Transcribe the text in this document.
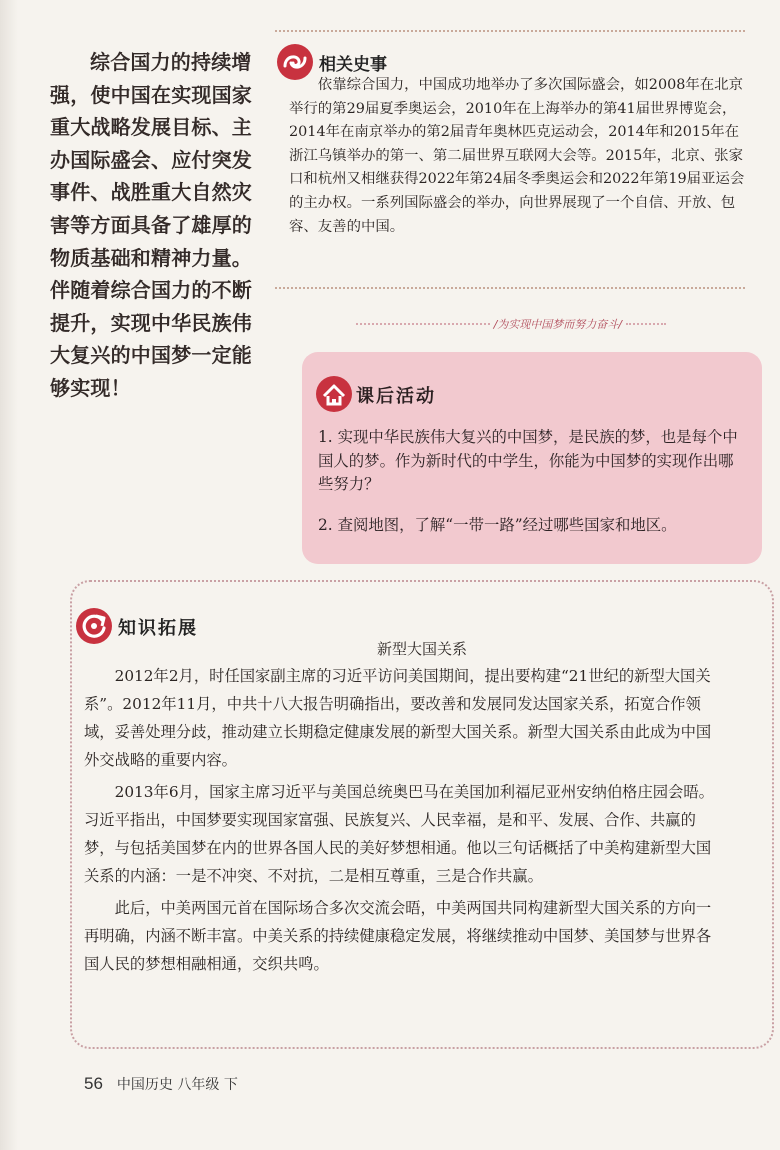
综合国力的持续增强，使中国在实现国家重大战略发展目标、主办国际盛会、应付突发事件、战胜重大自然灾害等方面具备了雄厚的物质基础和精神力量。伴随着综合国力的不断提升，实现中华民族伟大复兴的中国梦一定能够实现！
相关史事
依靠综合国力，中国成功地举办了多次国际盛会，如2008年在北京举行的第29届夏季奥运会，2010年在上海举办的第41届世界博览会，2014年在南京举办的第2届青年奥林匹克运动会，2014年和2015年在浙江乌镇举办的第一、第二届世界互联网大会等。2015年，北京、张家口和杭州又相继获得2022年第24届冬季奥运会和2022年第19届亚运会的主办权。一系列国际盛会的举办，向世界展现了一个自信、开放、包容、友善的中国。
/为实现中国梦而努力奋斗/
课后活动
1. 实现中华民族伟大复兴的中国梦，是民族的梦，也是每个中国人的梦。作为新时代的中学生，你能为中国梦的实现作出哪些努力？
2. 查阅地图，了解“一带一路”经过哪些国家和地区。
知识拓展
新型大国关系

2012年2月，时任国家副主席的习近平访问美国期间，提出要构建“21世纪的新型大国关系”。2012年11月，中共十八大报告明确指出，要改善和发展同发达国家关系，拓宽合作领域，妥善处理分歧，推动建立长期稳定健康发展的新型大国关系。新型大国关系由此成为中国外交战略的重要内容。

2013年6月，国家主席习近平与美国总统奥巴马在美国加利福尼亚州安纳伯格庄园会晤。习近平指出，中国梦要实现国家富强、民族复兴、人民幸福，是和平、发展、合作、共赢的梦，与包括美国梦在内的世界各国人民的美好梦想相通。他以三句话概括了中美构建新型大国关系的内涵：一是不冲突、不对抗，二是相互尊重，三是合作共赢。

此后，中美两国元首在国际场合多次交流会晤，中美两国共同构建新型大国关系的方向一再明确，内涵不断丰富。中美关系的持续健康稳定发展，将继续推动中国梦、美国梦与世界各国人民的梦想相融相通，交织共鸣。

56 中国历史 八年级 下
